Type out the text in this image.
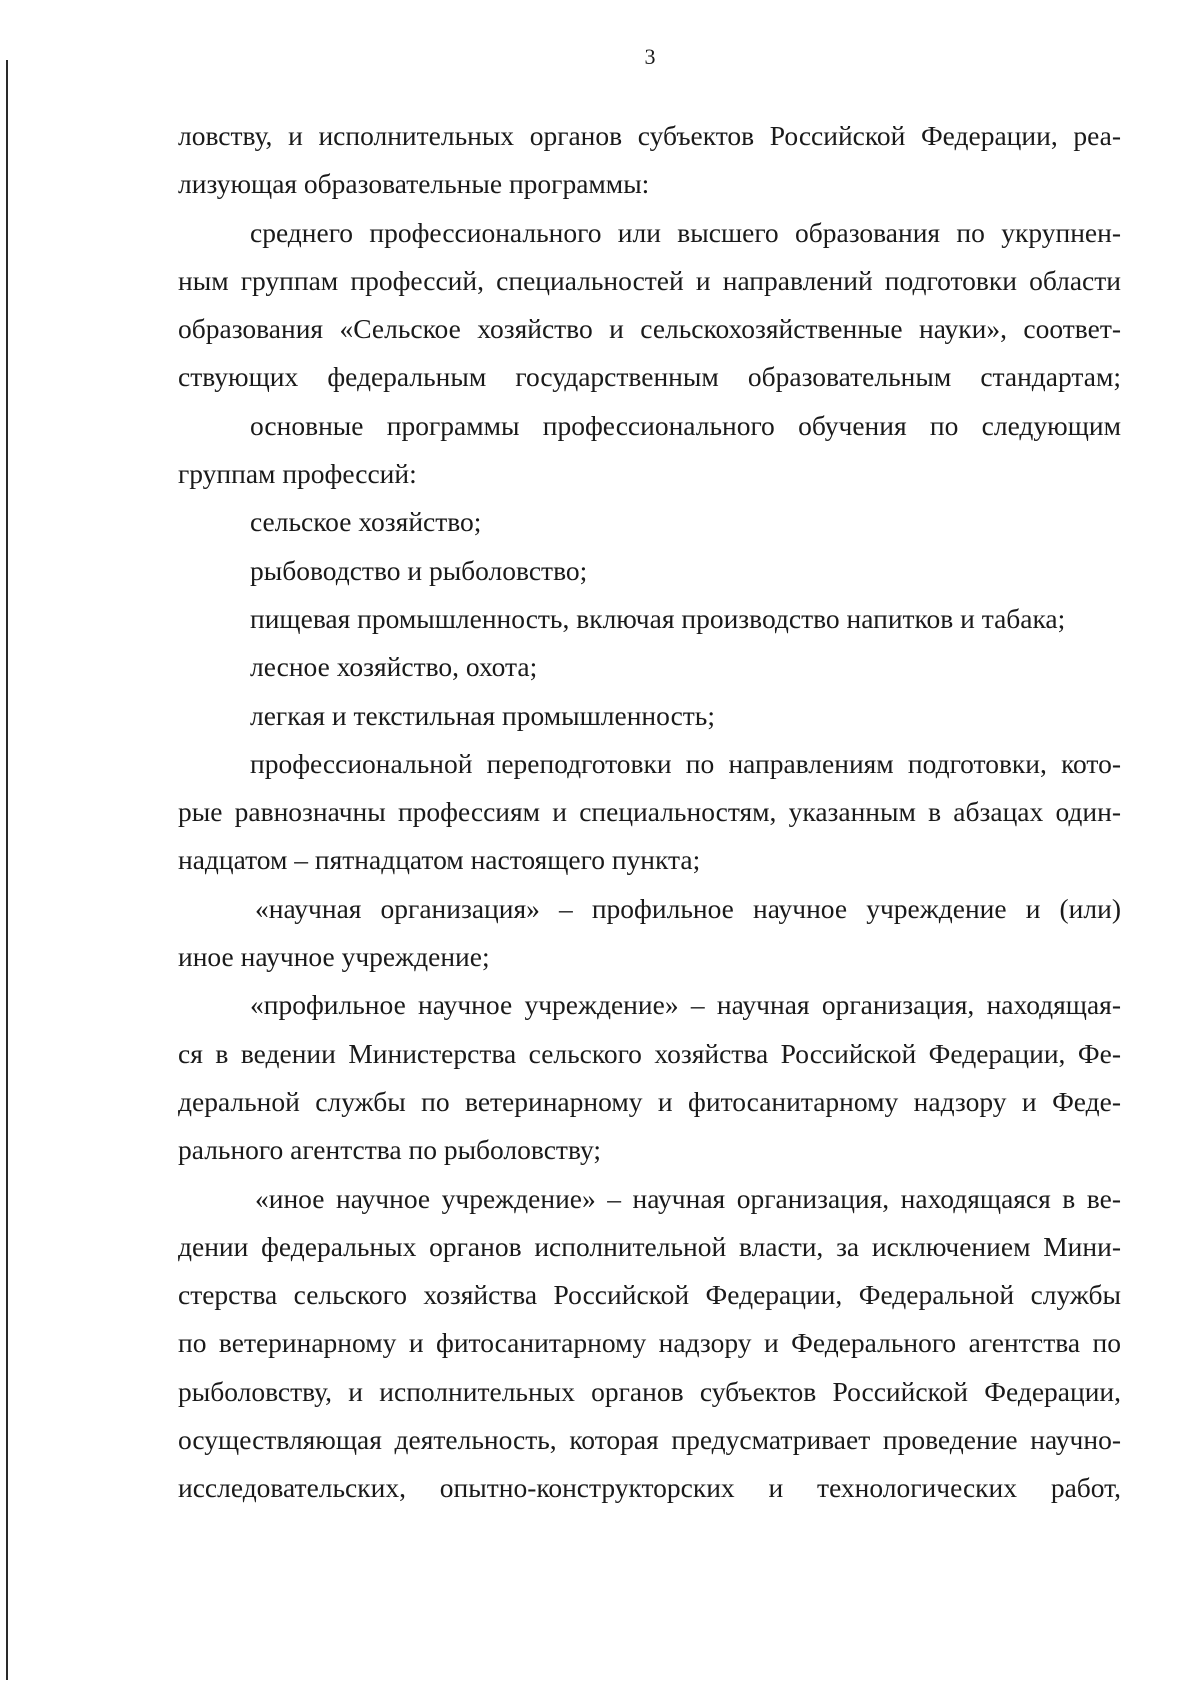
3
ловству, и исполнительных органов субъектов Российской Федерации, реа-
лизующая образовательные программы:
среднего профессионального или высшего образования по укрупнен-
ным группам профессий, специальностей и направлений подготовки области
образования «Сельское хозяйство и сельскохозяйственные науки», соответ-
ствующих федеральным государственным образовательным стандартам;
основные программы профессионального обучения по следующим
группам профессий:
сельское хозяйство;
рыбоводство и рыболовство;
пищевая промышленность, включая производство напитков и табака;
лесное хозяйство, охота;
легкая и текстильная промышленность;
профессиональной переподготовки по направлениям подготовки, кото-
рые равнозначны профессиям и специальностям, указанным в абзацах один-
надцатом – пятнадцатом настоящего пункта;
«научная организация» – профильное научное учреждение и (или)
иное научное учреждение;
«профильное научное учреждение» – научная организация, находящая-
ся в ведении Министерства сельского хозяйства Российской Федерации, Фе-
деральной службы по ветеринарному и фитосанитарному надзору и Феде-
рального агентства по рыболовству;
«иное научное учреждение» – научная организация, находящаяся в ве-
дении федеральных органов исполнительной власти, за исключением Мини-
стерства сельского хозяйства Российской Федерации, Федеральной службы
по ветеринарному и фитосанитарному надзору и Федерального агентства по
рыболовству, и исполнительных органов субъектов Российской Федерации,
осуществляющая деятельность, которая предусматривает проведение научно-
исследовательских, опытно-конструкторских и технологических работ,
